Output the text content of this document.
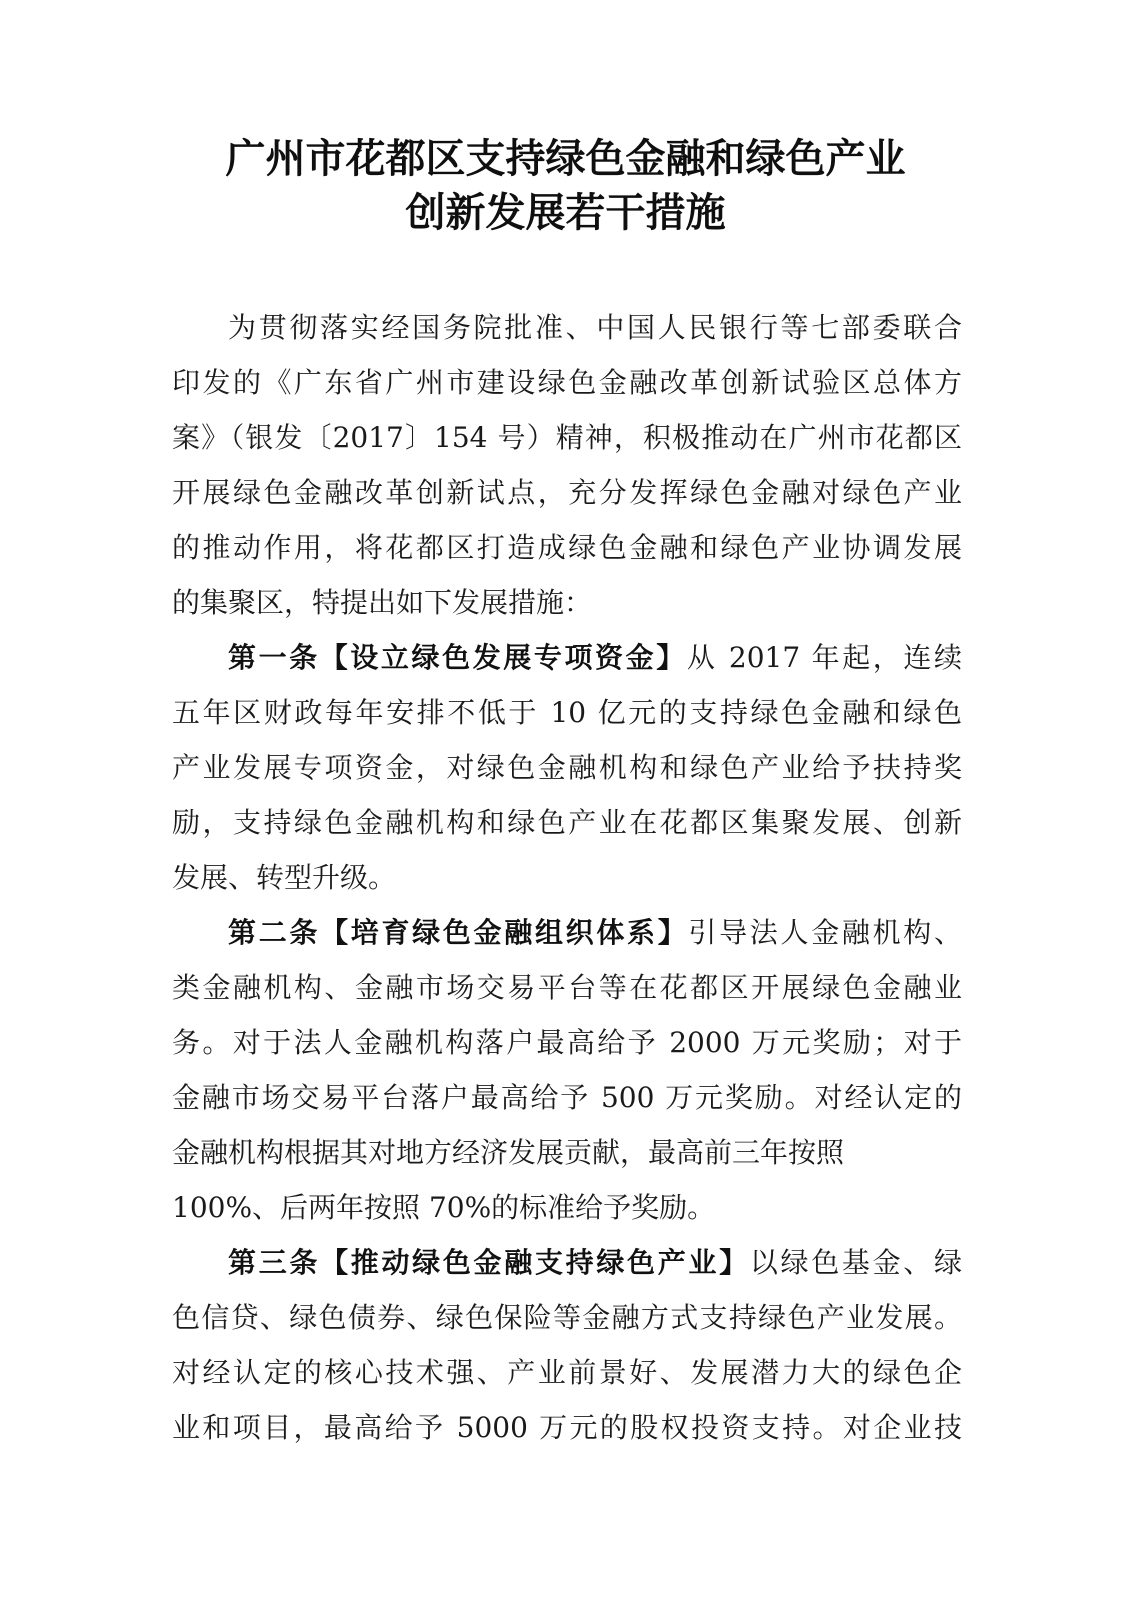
广州市花都区支持绿色金融和绿色产业
创新发展若干措施
为贯彻落实经国务院批准、中国人民银行等七部委联合
印发的《广东省广州市建设绿色金融改革创新试验区总体方
案》（银发〔2017〕154 号）精神，积极推动在广州市花都区
开展绿色金融改革创新试点，充分发挥绿色金融对绿色产业
的推动作用，将花都区打造成绿色金融和绿色产业协调发展
的集聚区，特提出如下发展措施：
第一条【设立绿色发展专项资金】从 2017 年起，连续
五年区财政每年安排不低于 10 亿元的支持绿色金融和绿色
产业发展专项资金，对绿色金融机构和绿色产业给予扶持奖
励，支持绿色金融机构和绿色产业在花都区集聚发展、创新
发展、转型升级。
第二条【培育绿色金融组织体系】引导法人金融机构、
类金融机构、金融市场交易平台等在花都区开展绿色金融业
务。对于法人金融机构落户最高给予 2000 万元奖励；对于
金融市场交易平台落户最高给予 500 万元奖励。对经认定的
金融机构根据其对地方经济发展贡献，最高前三年按照
100%、后两年按照 70%的标准给予奖励。
第三条【推动绿色金融支持绿色产业】以绿色基金、绿
色信贷、绿色债券、绿色保险等金融方式支持绿色产业发展。
对经认定的核心技术强、产业前景好、发展潜力大的绿色企
业和项目，最高给予 5000 万元的股权投资支持。对企业技
